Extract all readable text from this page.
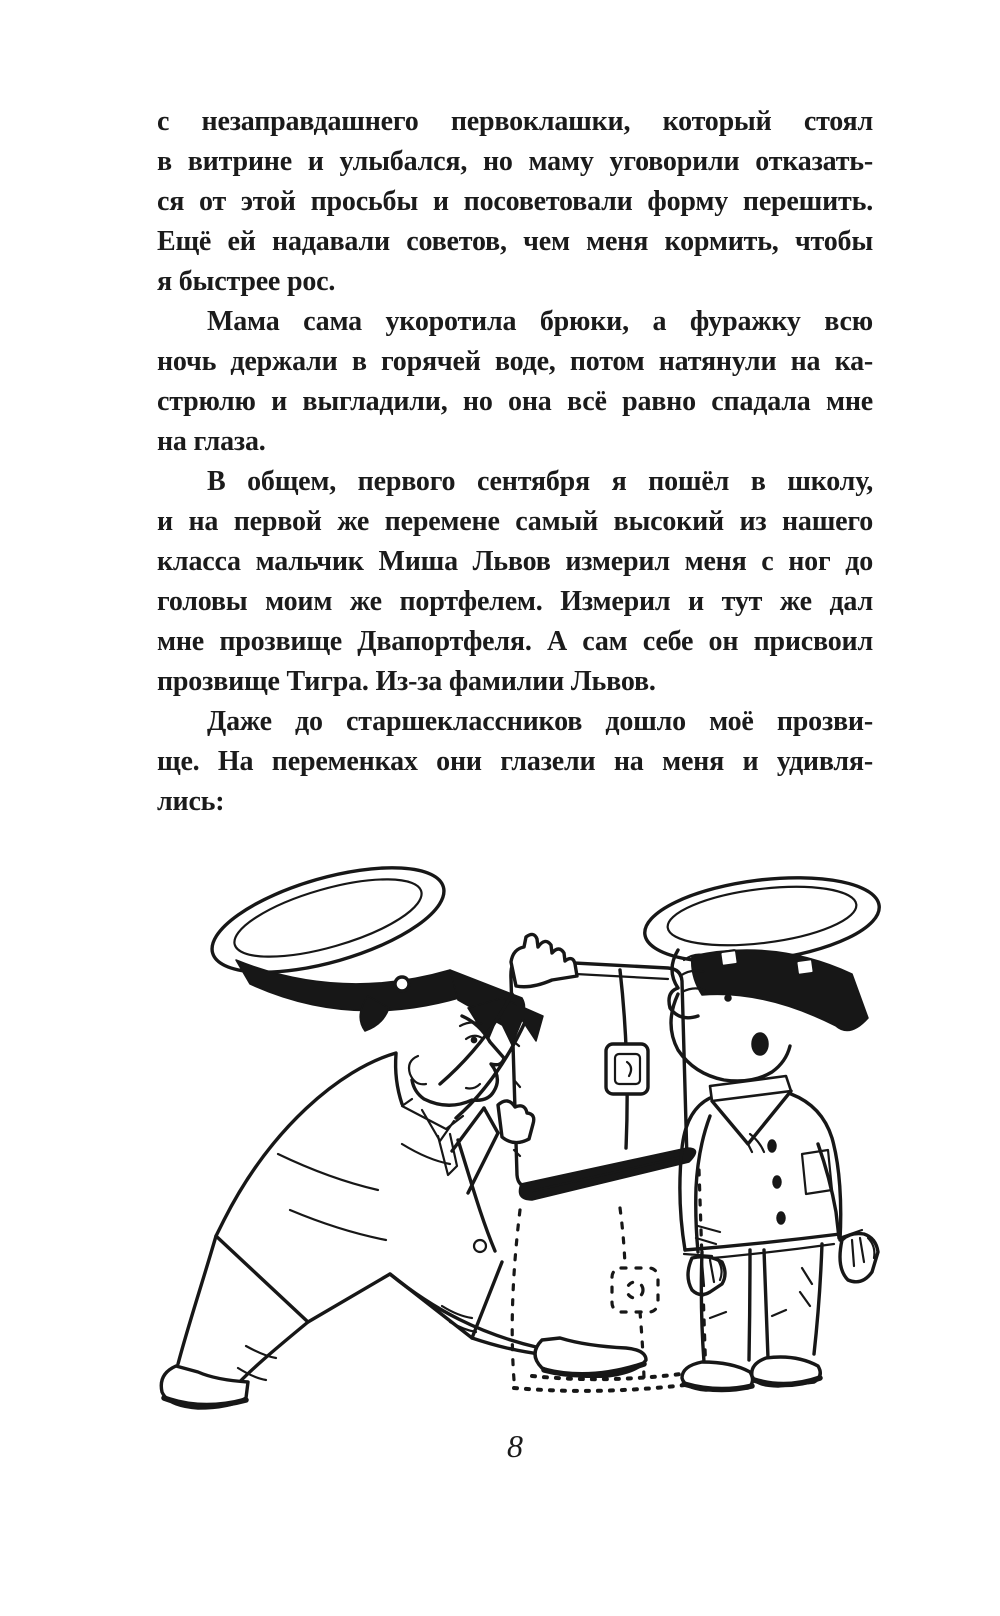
с незаправдашнего первоклашки, который стоял
в витрине и улыбался, но маму уговорили отказать-
ся от этой просьбы и посоветовали форму перешить.
Ещё ей надавали советов, чем меня кормить, чтобы
я быстрее рос.
Мама сама укоротила брюки, а фуражку всю
ночь держали в горячей воде, потом натянули на ка-
стрюлю и выгладили, но она всё равно спадала мне
на глаза.
В общем, первого сентября я пошёл в школу,
и на первой же перемене самый высокий из нашего
класса мальчик Миша Львов измерил меня с ног до
головы моим же портфелем. Измерил и тут же дал
мне прозвище Двапортфеля. А сам себе он присвоил
прозвище Тигра. Из-за фамилии Львов.
Даже до старшеклассников дошло моё прозви-
ще. На переменках они глазели на меня и удивля-
лись:
8
